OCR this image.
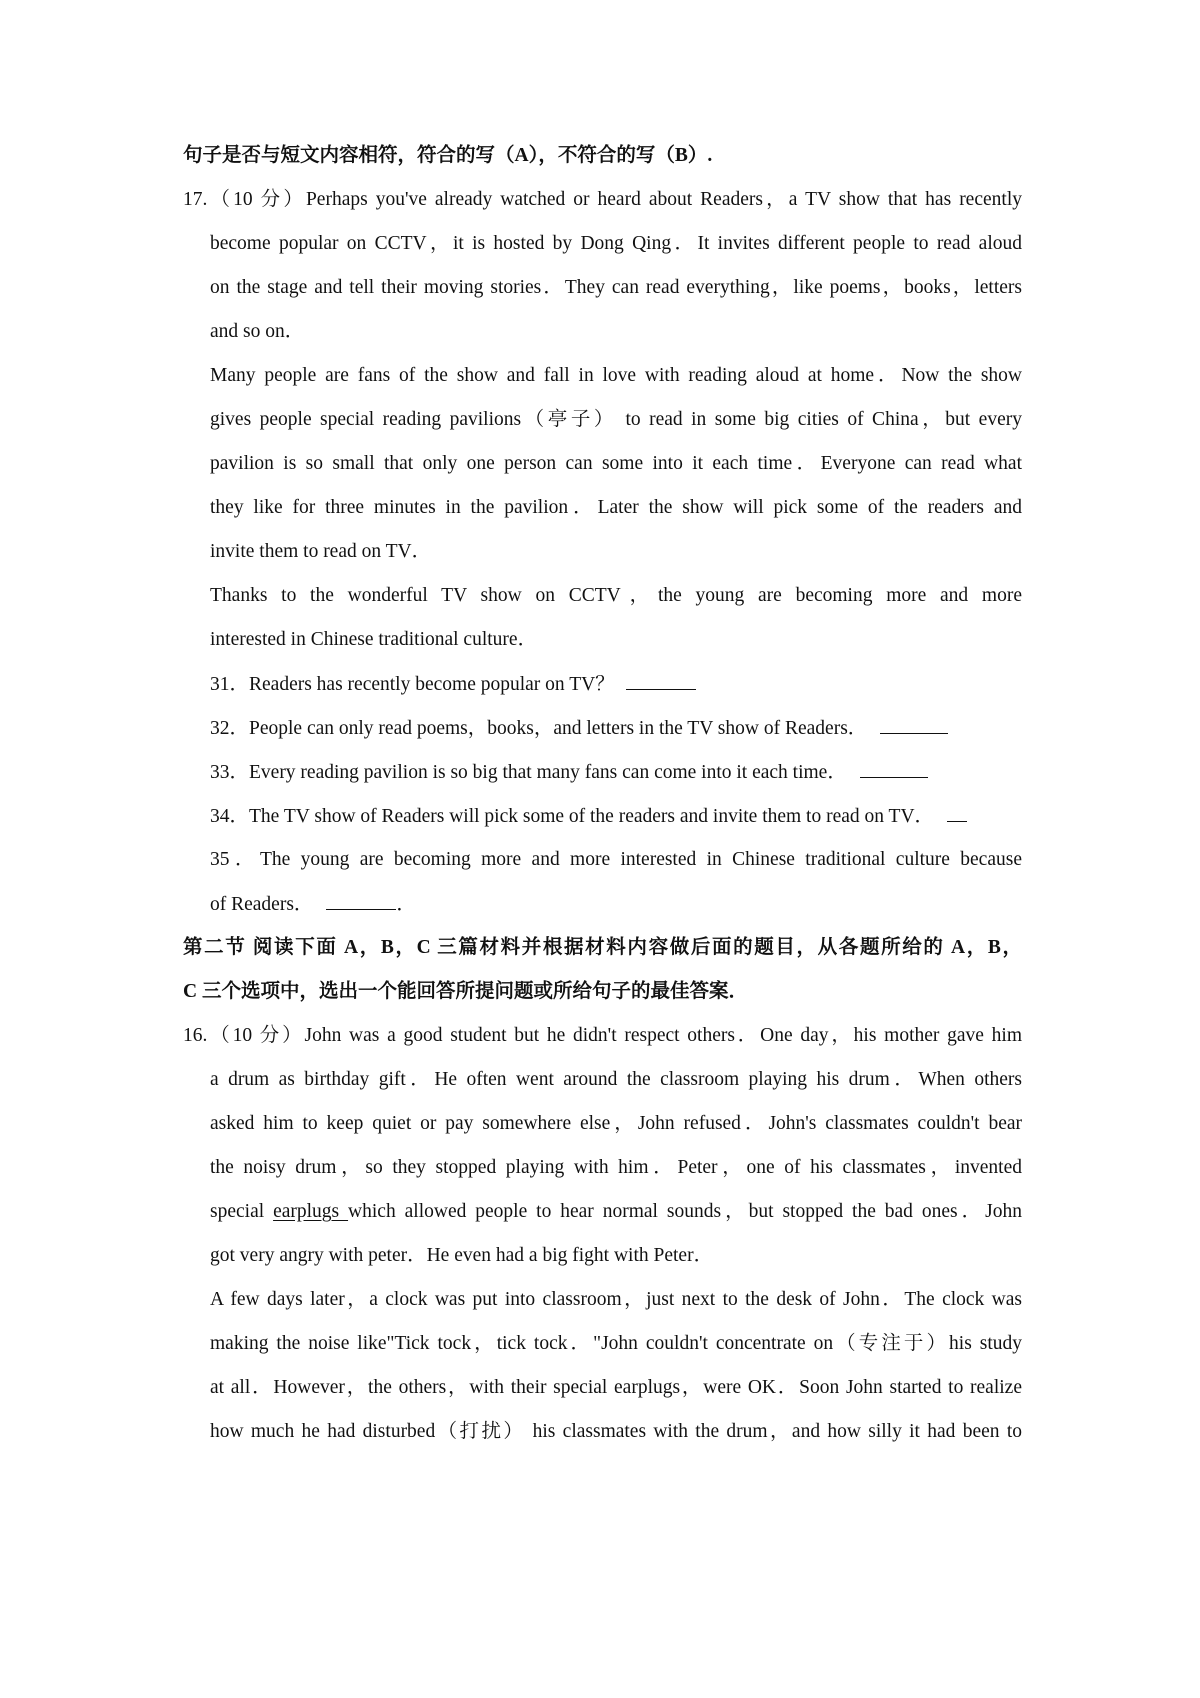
句子是否与短文内容相符，符合的写（A），不符合的写（B）.
17.（10 分）Perhaps you've already watched or heard about Readers，a TV show that has recently
become popular on CCTV，it is hosted by Dong Qing．It invites different people to read aloud
on the stage and tell their moving stories．They can read everything，like poems，books，letters
and so on．
Many people are fans of the show and fall in love with reading aloud at home．Now the show
gives people special reading pavilions（亭子） to read in some big cities of China，but every
pavilion is so small that only one person can some into it each time．Everyone can read what
they like for three minutes in the pavilion．Later the show will pick some of the readers and
invite them to read on TV．
Thanks to the wonderful TV show on CCTV，the young are becoming more and more
interested in Chinese traditional culture．
31．Readers has recently become popular on TV？
32．People can only read poems，books，and letters in the TV show of Readers．
33．Every reading pavilion is so big that many fans can come into it each time．
34．The TV show of Readers will pick some of the readers and invite them to read on TV．
35．The young are becoming more and more interested in Chinese traditional culture because
of Readers．	．
第二节 阅读下面 A，B，C 三篇材料并根据材料内容做后面的题目，从各题所给的 A，B，
C 三个选项中，选出一个能回答所提问题或所给句子的最佳答案．
16.（10 分）John was a good student but he didn't respect others．One day，his mother gave him
a drum as birthday gift．He often went around the classroom playing his drum．When others
asked him to keep quiet or pay somewhere else，John refused．John's classmates couldn't bear
the noisy drum，so they stopped playing with him．Peter，one of his classmates，invented
special earplugs which allowed people to hear normal sounds，but stopped the bad ones．John
got very angry with peter．He even had a big fight with Peter．
A few days later，a clock was put into classroom，just next to the desk of John．The clock was
making the noise like"Tick tock，tick tock．"John couldn't concentrate on（专注于）his study
at all．However，the others，with their special earplugs，were OK．Soon John started to realize
how much he had disturbed（打扰） his classmates with the drum，and how silly it had been to
